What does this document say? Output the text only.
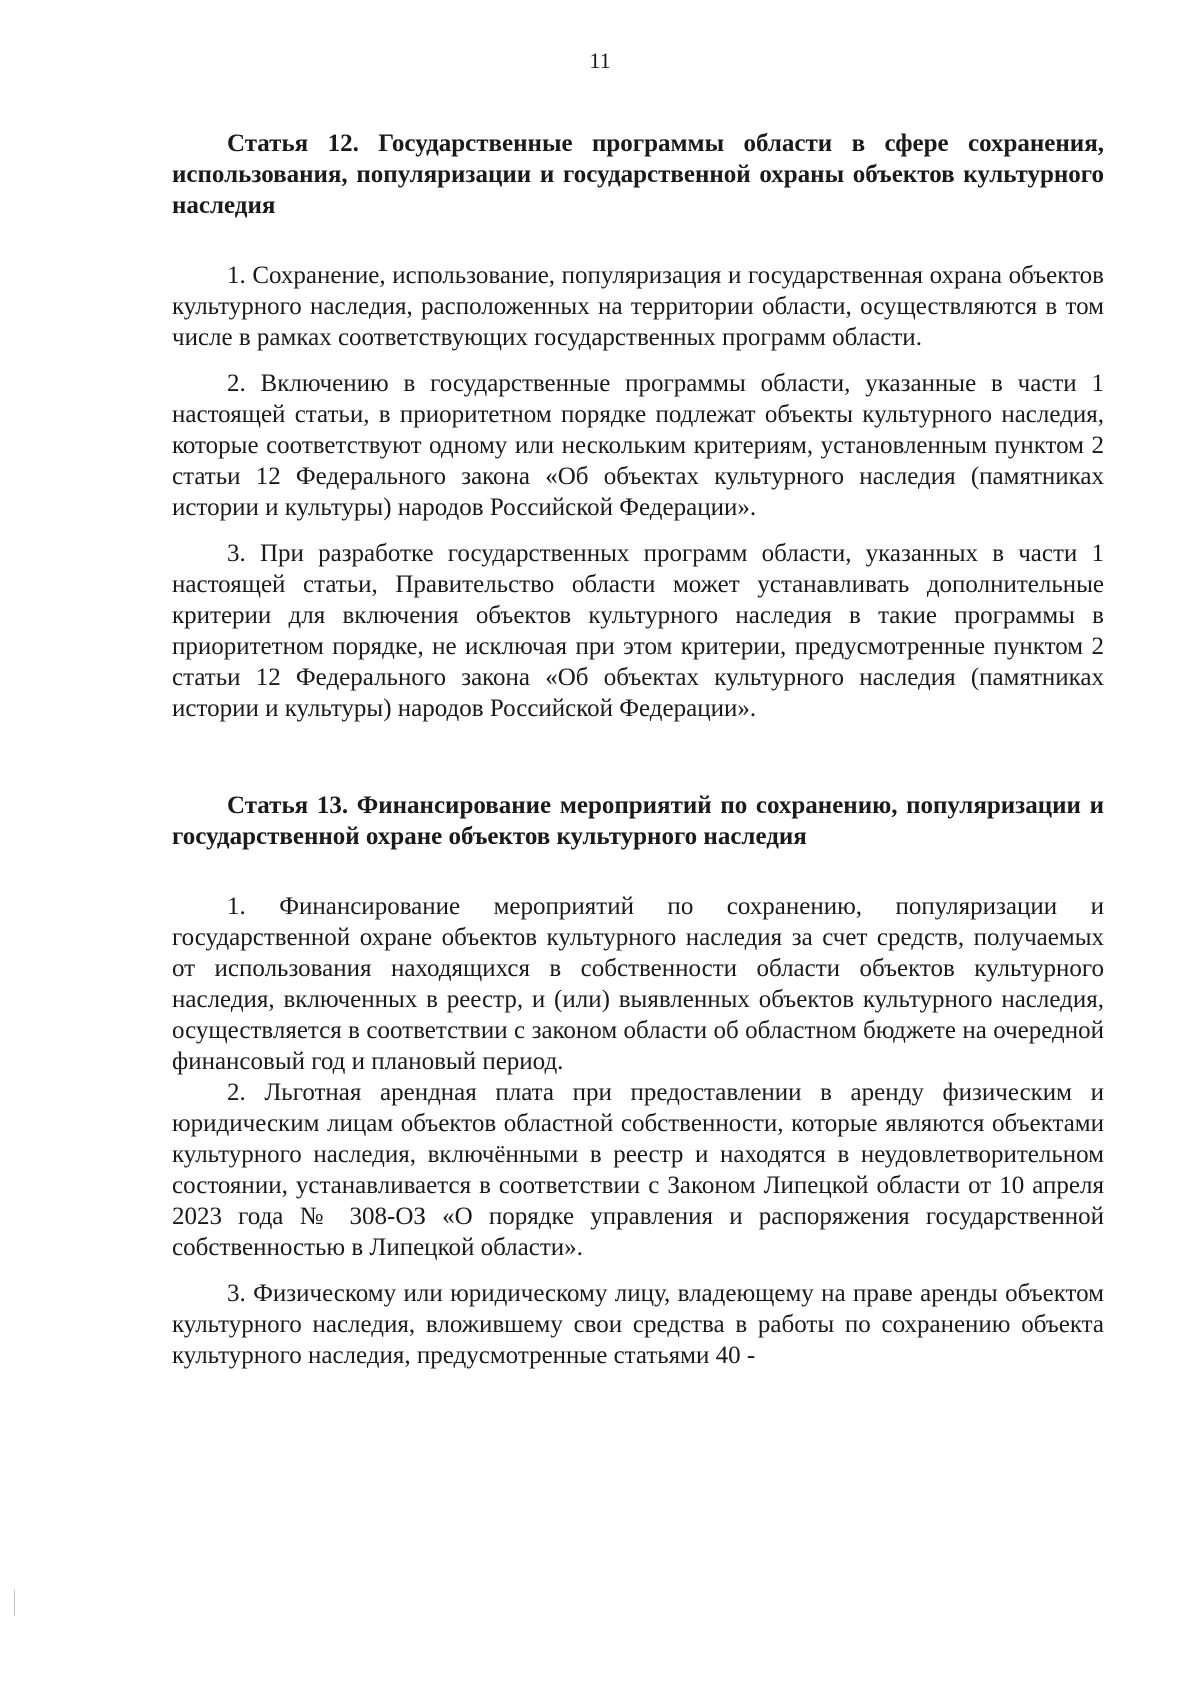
11
Статья 12. Государственные программы области в сфере сохранения, использования, популяризации и государственной охраны объектов культурного наследия

1. Сохранение, использование, популяризация и государственная охрана объектов культурного наследия, расположенных на территории области, осуществляются в том числе в рамках соответствующих государственных программ области.

2. Включению в государственные программы области, указанные в части 1 настоящей статьи, в приоритетном порядке подлежат объекты культурного наследия, которые соответствуют одному или нескольким критериям, установленным пунктом 2 статьи 12 Федерального закона «Об объектах культурного наследия (памятниках истории и культуры) народов Российской Федерации».

3. При разработке государственных программ области, указанных в части 1 настоящей статьи, Правительство области может устанавливать дополнительные критерии для включения объектов культурного наследия в такие программы в приоритетном порядке, не исключая при этом критерии, предусмотренные пунктом 2 статьи 12 Федерального закона «Об объектах культурного наследия (памятниках истории и культуры) народов Российской Федерации».

Статья 13. Финансирование мероприятий по сохранению, популяризации и государственной охране объектов культурного наследия

1. Финансирование мероприятий по сохранению, популяризации и государственной охране объектов культурного наследия за счет средств, получаемых от использования находящихся в собственности области объектов культурного наследия, включенных в реестр, и (или) выявленных объектов культурного наследия, осуществляется в соответствии с законом области об областном бюджете на очередной финансовый год и плановый период.

2. Льготная арендная плата при предоставлении в аренду физическим и юридическим лицам объектов областной собственности, которые являются объектами культурного наследия, включёнными в реестр и находятся в неудовлетворительном состоянии, устанавливается в соответствии с Законом Липецкой области от 10 апреля 2023 года № 308-ОЗ «О порядке управления и распоряжения государственной собственностью в Липецкой области».

3. Физическому или юридическому лицу, владеющему на праве аренды объектом культурного наследия, вложившему свои средства в работы по сохранению объекта культурного наследия, предусмотренные статьями 40 -
